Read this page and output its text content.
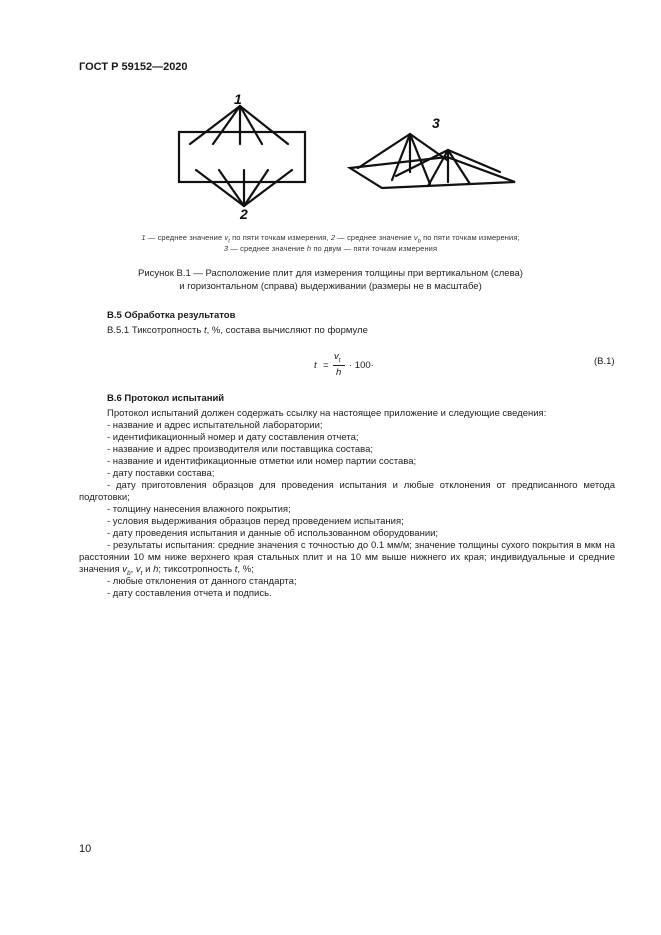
ГОСТ Р 59152—2020
1
2
3
1 — среднее значение $v_t$ по пяти точкам измерения, 2 — среднее значение $v_b$ по пяти точкам измерения;
3 — среднее значение h по двум — пяти точкам измерения
Рисунок В.1 — Расположение плит для измерения толщины при вертикальном (слева)
и горизонтальном (справа) выдерживании (размеры не в масштабе)
В.5 Обработка результатов
В.5.1 Тиксотропность t, %, состава вычисляют по формуле
t =
$v_t$
h
· 100·	(В.1)
В.6 Протокол испытаний
Протокол испытаний должен содержать ссылку на настоящее приложение и следующие сведения:
- название и адрес испытательной лаборатории;
- идентификационный номер и дату составления отчета;
- название и адрес производителя или поставщика состава;
- название и идентификационные отметки или номер партии состава;
- дату поставки состава;
- дату приготовления образцов для проведения испытания и любые отклонения от предписанного метода подготовки;
- толщину нанесения влажного покрытия;
- условия выдерживания образцов перед проведением испытания;
- дату проведения испытания и данные об использованном оборудовании;
- результаты испытания: средние значения с точностью до 0.1 мм/м; значение толщины сухого покрытия в мкм на расстоянии 10 мм ниже верхнего края стальных плит и на 10 мм выше нижнего их края; индивидуальные и средние значения $v_b$, $v_t$ и h; тиксотропность t, %;
- любые отклонения от данного стандарта;
- дату составления отчета и подпись.
10
